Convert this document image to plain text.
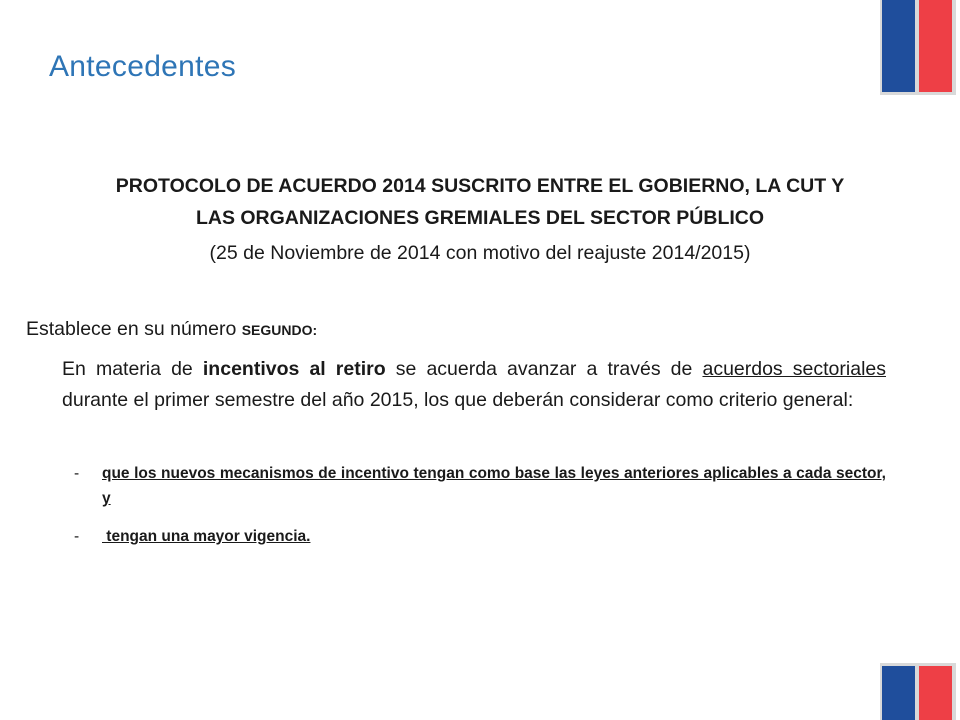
Antecedentes
PROTOCOLO DE ACUERDO 2014 SUSCRITO ENTRE EL GOBIERNO, LA CUT Y
LAS ORGANIZACIONES GREMIALES DEL SECTOR PÚBLICO
(25 de Noviembre de 2014 con motivo del reajuste 2014/2015)
Establece en su número SEGUNDO:
En materia de incentivos al retiro se acuerda avanzar a través de acuerdos sectoriales durante el primer semestre del año 2015, los que deberán considerar como criterio general:
-	que los nuevos mecanismos de incentivo tengan como base las leyes anteriores aplicables a cada sector, y
-	tengan una mayor vigencia.
